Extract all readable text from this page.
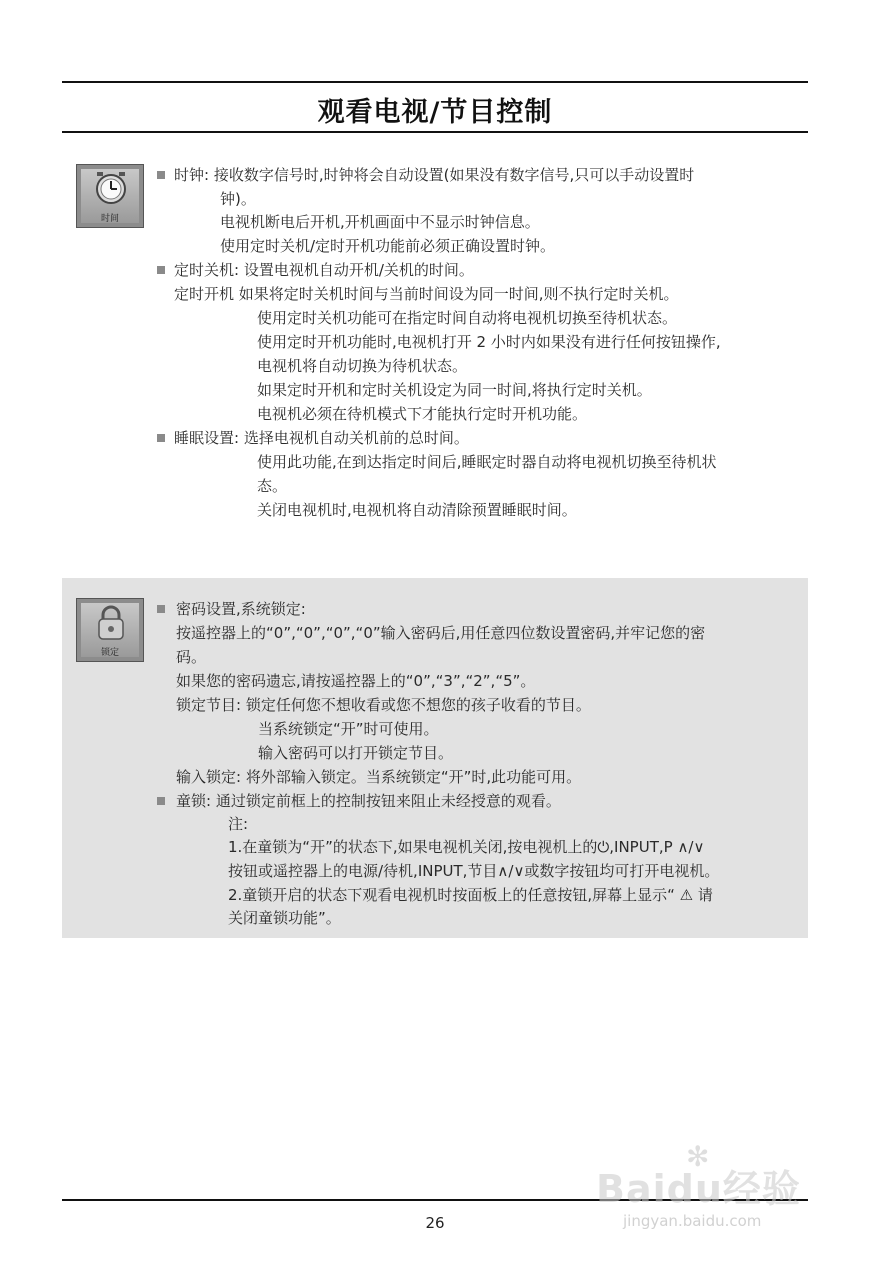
观看电视/节目控制
时间
时钟: 接收数字信号时,时钟将会自动设置(如果没有数字信号,只可以手动设置时
钟)。
电视机断电后开机,开机画面中不显示时钟信息。
使用定时关机/定时开机功能前必须正确设置时钟。
定时关机: 设置电视机自动开机/关机的时间。
定时开机 如果将定时关机时间与当前时间设为同一时间,则不执行定时关机。
使用定时关机功能可在指定时间自动将电视机切换至待机状态。
使用定时开机功能时,电视机打开 2 小时内如果没有进行任何按钮操作,
电视机将自动切换为待机状态。
如果定时开机和定时关机设定为同一时间,将执行定时关机。
电视机必须在待机模式下才能执行定时开机功能。
睡眠设置: 选择电视机自动关机前的总时间。
使用此功能,在到达指定时间后,睡眠定时器自动将电视机切换至待机状
态。
关闭电视机时,电视机将自动清除预置睡眠时间。
锁定
密码设置,系统锁定:
按遥控器上的“0”,“0”,“0”,“0”输入密码后,用任意四位数设置密码,并牢记您的密
码。
如果您的密码遗忘,请按遥控器上的“0”,“3”,“2”,“5”。
锁定节目: 锁定任何您不想收看或您不想您的孩子收看的节目。
当系统锁定“开”时可使用。
输入密码可以打开锁定节目。
输入锁定: 将外部输入锁定。当系统锁定“开”时,此功能可用。
童锁: 通过锁定前框上的控制按钮来阻止未经授意的观看。
注:
1.在童锁为“开”的状态下,如果电视机关闭,按电视机上的⏻,INPUT,P ∧/∨
按钮或遥控器上的电源/待机,INPUT,节目∧/∨或数字按钮均可打开电视机。
2.童锁开启的状态下观看电视机时按面板上的任意按钮,屏幕上显示“ ⚠ 请
关闭童锁功能”。
26
✻
Baidu经验
jingyan.baidu.com
